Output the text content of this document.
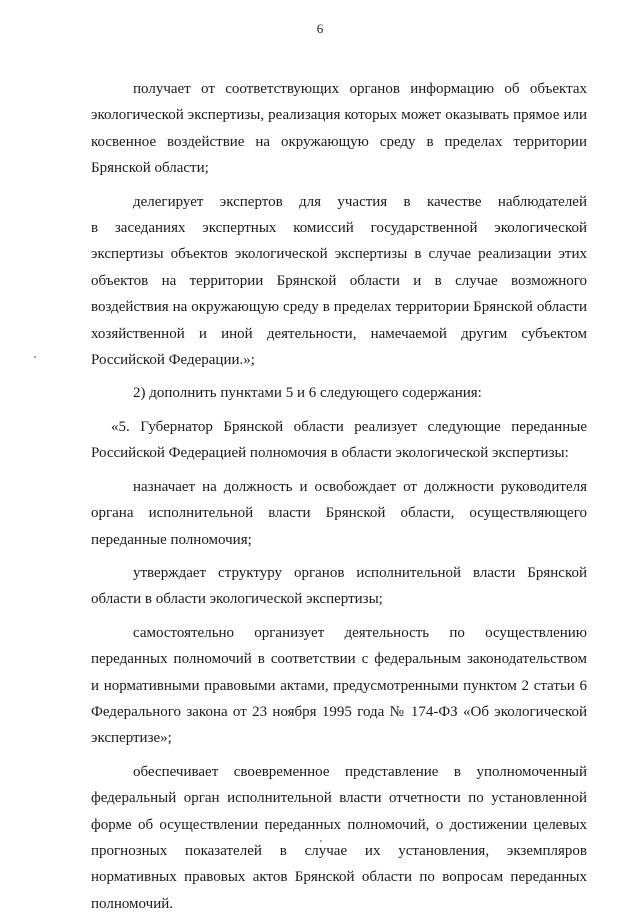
6

получает от соответствующих органов информацию об объектах
экологической экспертизы, реализация которых может оказывать прямое или
косвенное воздействие на окружающую среду в пределах территории
Брянской области;

делегирует экспертов для участия в качестве наблюдателей
в заседаниях экспертных комиссий государственной экологической
экспертизы объектов экологической экспертизы в случае реализации этих
объектов на территории Брянской области и в случае возможного
воздействия на окружающую среду в пределах территории Брянской области
хозяйственной и иной деятельности, намечаемой другим субъектом
Российской Федерации.»;

2) дополнить пунктами 5 и 6 следующего содержания:

«5. Губернатор Брянской области реализует следующие переданные
Российской Федерацией полномочия в области экологической экспертизы:

назначает на должность и освобождает от должности руководителя
органа исполнительной власти Брянской области, осуществляющего
переданные полномочия;

утверждает структуру органов исполнительной власти Брянской
области в области экологической экспертизы;

самостоятельно организует деятельность по осуществлению
переданных полномочий в соответствии с федеральным законодательством
и нормативными правовыми актами, предусмотренными пунктом 2 статьи 6
Федерального закона от 23 ноября 1995 года № 174-ФЗ «Об экологической
экспертизе»;

обеспечивает своевременное представление в уполномоченный
федеральный орган исполнительной власти отчетности по установленной
форме об осуществлении переданных полномочий, о достижении целевых
прогнозных показателей в случае их установления, экземпляров
нормативных правовых актов Брянской области по вопросам переданных
полномочий.
